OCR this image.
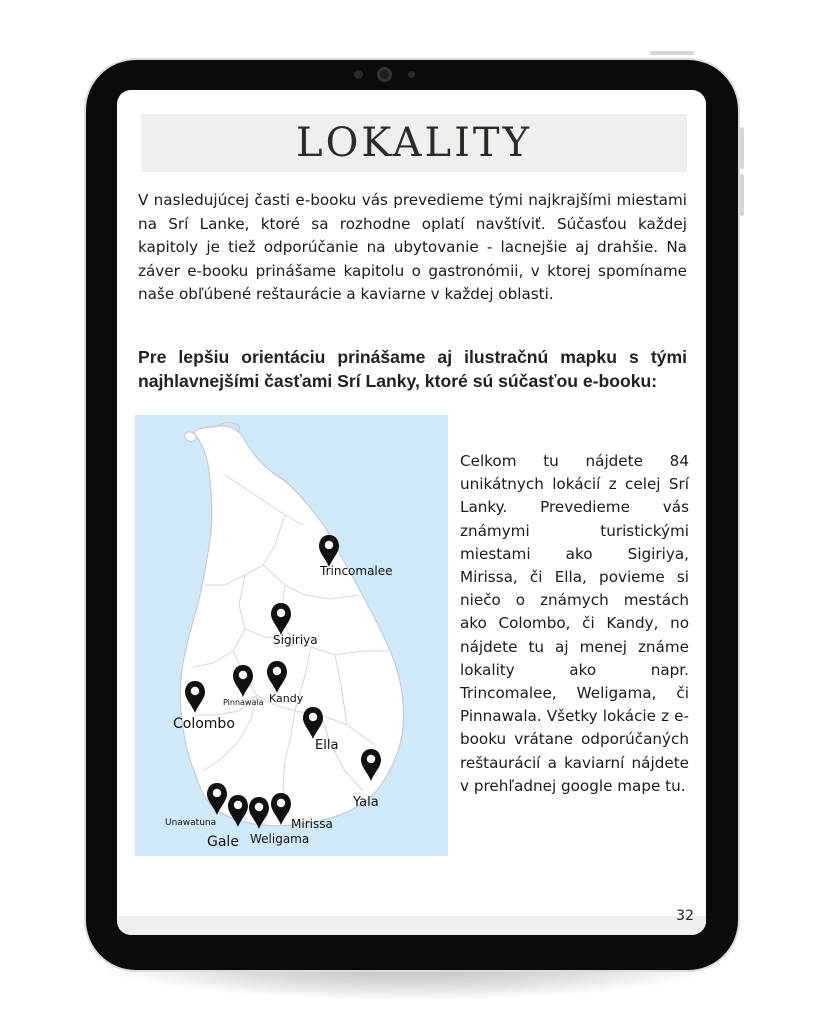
LOKALITY
V nasledujúcej časti e-booku vás prevedieme tými najkrajšími miestami na Srí Lanke, ktoré sa rozhodne oplatí navštíviť. Súčasťou každej kapitoly je tiež odporúčanie na ubytovanie - lacnejšie aj drahšie. Na záver e-booku prinášame kapitolu o gastronómii, v ktorej spomíname naše obľúbené reštaurácie a kaviarne v každej oblasti.
Pre lepšiu orientáciu prinášame aj ilustračnú mapku s tými najhlavnejšími časťami Srí Lanky, ktoré sú súčasťou e-booku:
Trincomalee
Sigiriya
Pinnawala Kandy
Colombo
Ella
Yala
Unawatuna
Gale Weligama
Mirissa

Celkom tu nájdete 84 unikátnych lokácií z celej Srí Lanky. Prevedieme vás známymi turistickými miestami ako Sigiriya, Mirissa, či Ella, povieme si niečo o známych mestách ako Colombo, či Kandy, no nájdete tu aj menej známe lokality ako napr. Trincomalee, Weligama, či Pinnawala. Všetky lokácie z e-booku vrátane odporúčaných reštaurácií a kaviarní nájdete v prehľadnej google mape tu.

32
